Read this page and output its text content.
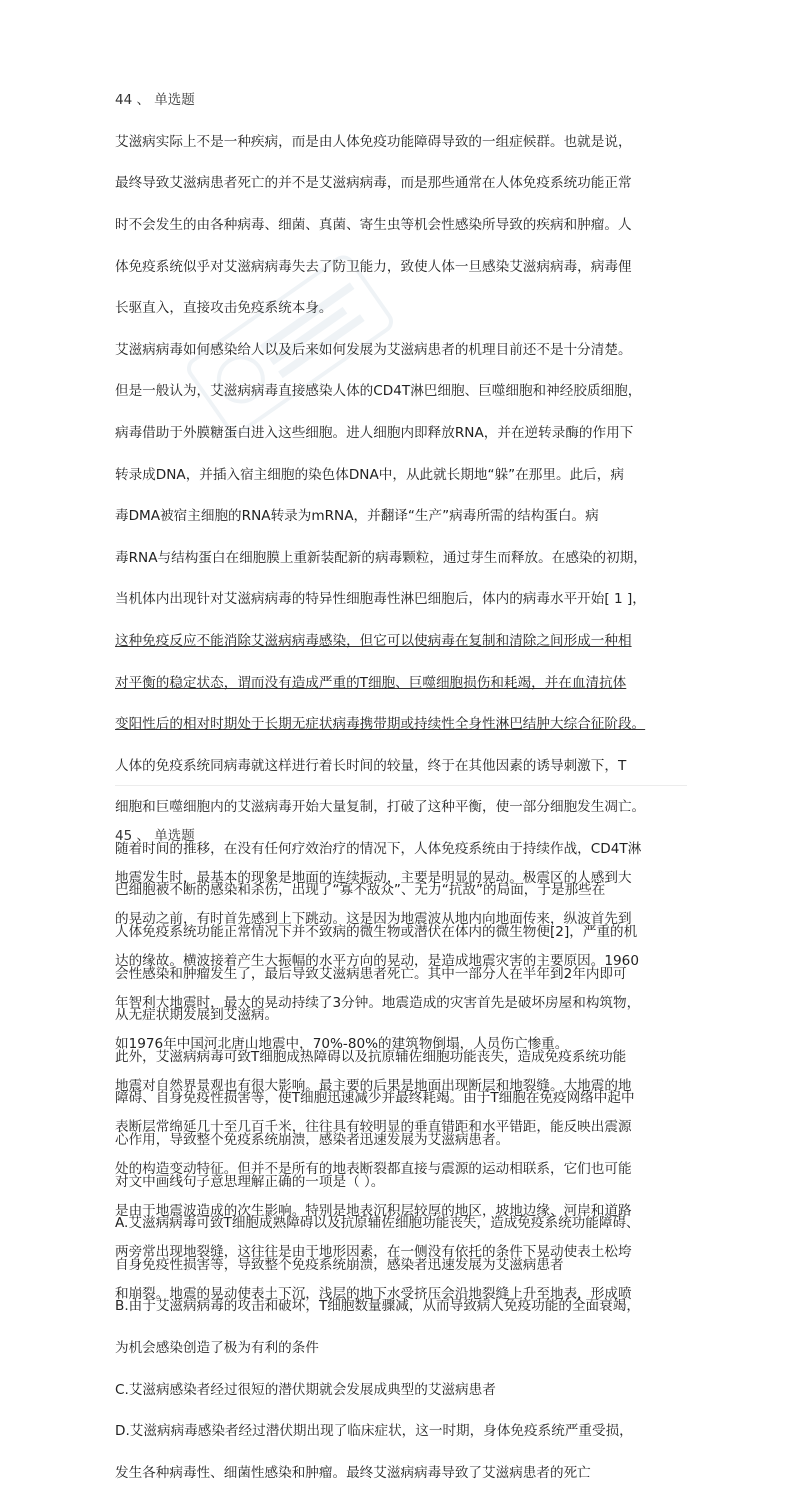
44 、 单选题

艾滋病实际上不是一种疾病，而是由人体免疫功能障碍导致的一组症候群。也就是说，

最终导致艾滋病患者死亡的并不是艾滋病病毒，而是那些通常在人体免疫系统功能正常

时不会发生的由各种病毒、细菌、真菌、寄生虫等机会性感染所导致的疾病和肿瘤。人

体免疫系统似乎对艾滋病病毒失去了防卫能力，致使人体一旦感染艾滋病病毒，病毒俚

长驱直入，直接攻击免疫系统本身。

艾滋病病毒如何感染给人以及后来如何发展为艾滋病患者的机理目前还不是十分清楚。

但是一般认为，艾滋病病毒直接感染人体的CD4T淋巴细胞、巨噬细胞和神经胶质细胞，

病毒借助于外膜糖蛋白进入这些细胞。进人细胞内即释放RNA，并在逆转录酶的作用下

转录成DNA，并插入宿主细胞的染色体DNA中，从此就长期地“躲”在那里。此后，病

毒DMA被宿主细胞的RNA转录为mRNA，并翻译“生产”病毒所需的结构蛋白。病

毒RNA与结构蛋白在细胞膜上重新装配新的病毒颗粒，通过芽生而释放。在感染的初期，

当机体内出现针对艾滋病病毒的特异性细胞毒性淋巴细胞后，体内的病毒水平开始[ 1 ]，

这种免疫反应不能消除艾滋病病毒感染，但它可以使病毒在复制和清除之间形成一种相

对平衡的稳定状态，谓而没有造成严重的T细胞、巨噬细胞损伤和耗竭，并在血清抗体

变阳性后的相对时期处于长期无症状病毒携带期或持续性全身性淋巴结肿大综合征阶段。

人体的免疫系统同病毒就这样进行着长时间的较量，终于在其他因素的诱导刺激下，T

细胞和巨噬细胞内的艾滋病毒开始大量复制，打破了这种平衡，使一部分细胞发生凋亡。

随着时间的推移，在没有任何疗效治疗的情况下，人体免疫系统由于持续作战，CD4T淋

巴细胞被不断的感染和杀伤，出现了“寡不敌众”、无力“抗敌”的局面，于是那些在

人体免疫系统功能正常情况下并不致病的微生物或潜伏在体内的微生物便[2]，严重的机

会性感染和肿瘤发生了，最后导致艾滋病患者死亡。其中一部分人在半年到2年内即可

从无症状期发展到艾滋病。

此外，艾滋病病毒可致T细胞成热障碍以及抗原辅佐细胞功能丧失，造成免疫系统功能

障碍、自身免疫性损害等，使T细胞迅速减少并最终耗竭。由于T细胞在免疫网络中起中

心作用，导致整个免疫系统崩溃，感染者迅速发展为艾滋病患者。

对文中画线句子意思理解正确的一项是（ ）。

A.艾滋病病毒可致T细胞成熟障碍以及抗原辅佐细胞功能丧失，造成免疫系统功能障碍、

自身免疫性损害等，导致整个免疫系统崩溃，感染者迅速发展为艾滋病患者

B.由于艾滋病病毒的攻击和破坏，T细胞数量骤减，从而导致病人免疫功能的全面衰竭，

为机会感染创造了极为有利的条件

C.艾滋病感染者经过很短的潜伏期就会发展成典型的艾滋病患者

D.艾滋病病毒感染者经过潜伏期出现了临床症状，这一时期，身体免疫系统严重受损，

发生各种病毒性、细菌性感染和肿瘤。最终艾滋病病毒导致了艾滋病患者的死亡

45 、 单选题

地震发生时，最基本的现象是地面的连续振动，主要是明显的晃动。极震区的人感到大

的晃动之前，有时首先感到上下跳动。这是因为地震波从地内向地面传来，纵波首先到

达的缘故。横波接着产生大振幅的水平方向的晃动，是造成地震灾害的主要原因。1960

年智利大地震时，最大的晃动持续了3分钟。地震造成的灾害首先是破坏房屋和构筑物，

如1976年中国河北唐山地震中，70%-80%的建筑物倒塌，人员伤亡惨重。

地震对自然界景观也有很大影响。最主要的后果是地面出现断层和地裂缝。大地震的地

表断层常绵延几十至几百千米，往往具有较明显的垂直错距和水平错距，能反映出震源

处的构造变动特征。但并不是所有的地表断裂都直接与震源的运动相联系，它们也可能

是由于地震波造成的次生影响。特别是地表沉积层较厚的地区，坡地边缘、河岸和道路

两旁常出现地裂缝，这往往是由于地形因素，在一侧没有依托的条件下晃动使表土松垮

和崩裂。地震的晃动使表土下沉，浅层的地下水受挤压会沿地裂缝上升至地表，形成喷
